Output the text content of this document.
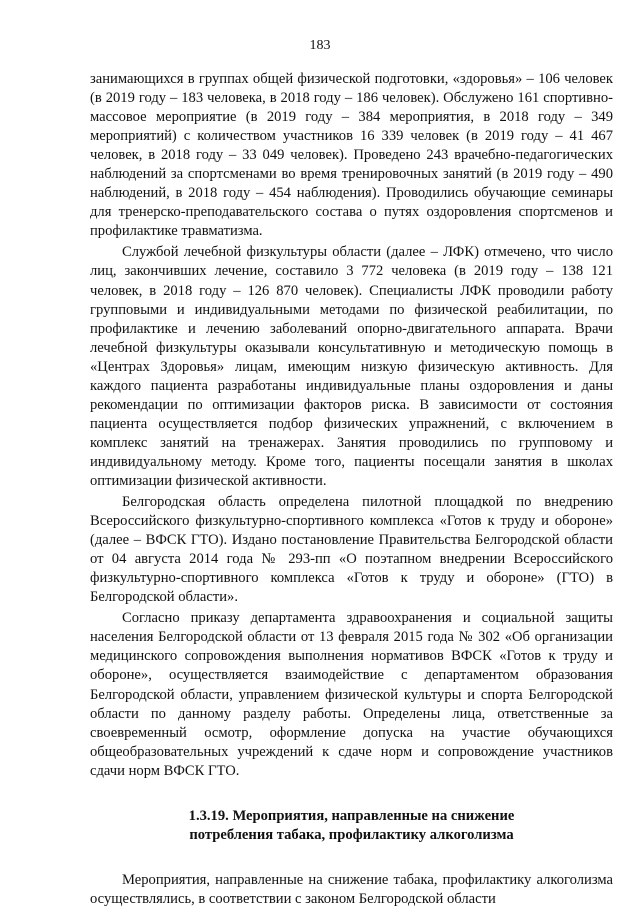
183

занимающихся в группах общей физической подготовки, «здоровья» – 106 человек (в 2019 году – 183 человека, в 2018 году – 186 человек). Обслужено 161 спортивно-массовое мероприятие (в 2019 году – 384 мероприятия, в 2018 году – 349 мероприятий) с количеством участников 16 339 человек (в 2019 году – 41 467 человек, в 2018 году – 33 049 человек). Проведено 243 врачебно-педагогических наблюдений за спортсменами во время тренировочных занятий (в 2019 году – 490 наблюдений, в 2018 году – 454 наблюдения). Проводились обучающие семинары для тренерско-преподавательского состава о путях оздоровления спортсменов и профилактике травматизма.

Службой лечебной физкультуры области (далее – ЛФК) отмечено, что число лиц, закончивших лечение, составило 3 772 человека (в 2019 году – 138 121 человек, в 2018 году – 126 870 человек). Специалисты ЛФК проводили работу групповыми и индивидуальными методами по физической реабилитации, по профилактике и лечению заболеваний опорно-двигательного аппарата. Врачи лечебной физкультуры оказывали консультативную и методическую помощь в «Центрах Здоровья» лицам, имеющим низкую физическую активность. Для каждого пациента разработаны индивидуальные планы оздоровления и даны рекомендации по оптимизации факторов риска. В зависимости от состояния пациента осуществляется подбор физических упражнений, с включением в комплекс занятий на тренажерах. Занятия проводились по групповому и индивидуальному методу. Кроме того, пациенты посещали занятия в школах оптимизации физической активности.

Белгородская область определена пилотной площадкой по внедрению Всероссийского физкультурно-спортивного комплекса «Готов к труду и обороне» (далее – ВФСК ГТО). Издано постановление Правительства Белгородской области от 04 августа 2014 года № 293-пп «О поэтапном внедрении Всероссийского физкультурно-спортивного комплекса «Готов к труду и обороне» (ГТО) в Белгородской области».

Согласно приказу департамента здравоохранения и социальной защиты населения Белгородской области от 13 февраля 2015 года № 302 «Об организации медицинского сопровождения выполнения нормативов ВФСК «Готов к труду и обороне», осуществляется взаимодействие с департаментом образования Белгородской области, управлением физической культуры и спорта Белгородской области по данному разделу работы. Определены лица, ответственные за своевременный осмотр, оформление допуска на участие обучающихся общеобразовательных учреждений к сдаче норм и сопровождение участников сдачи норм ВФСК ГТО.

1.3.19. Мероприятия, направленные на снижение
потребления табака, профилактику алкоголизма

Мероприятия, направленные на снижение табака, профилактику алкоголизма осуществлялись, в соответствии с законом Белгородской области
